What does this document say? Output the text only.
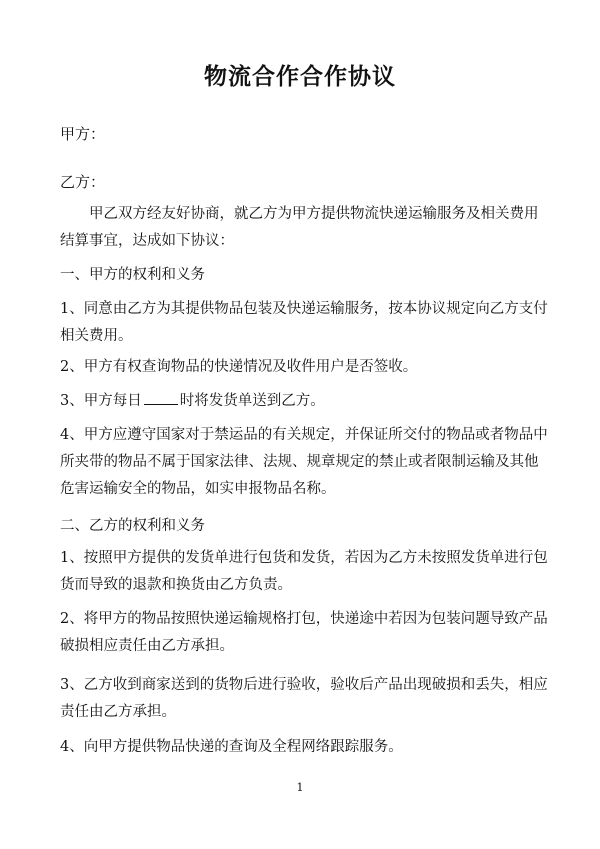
物流合作合作协议
甲方：
乙方：
甲乙双方经友好协商，就乙方为甲方提供物流快递运输服务及相关费用结算事宜，达成如下协议：
一、甲方的权利和义务
1、同意由乙方为其提供物品包装及快递运输服务，按本协议规定向乙方支付相关费用。
2、甲方有权查询物品的快递情况及收件用户是否签收。
3、甲方每日	时将发货单送到乙方。
4、甲方应遵守国家对于禁运品的有关规定，并保证所交付的物品或者物品中所夹带的物品不属于国家法律、法规、规章规定的禁止或者限制运输及其他危害运输安全的物品，如实申报物品名称。
二、乙方的权利和义务
1、按照甲方提供的发货单进行包货和发货，若因为乙方未按照发货单进行包货而导致的退款和换货由乙方负责。
2、将甲方的物品按照快递运输规格打包，快递途中若因为包装问题导致产品破损相应责任由乙方承担。
3、乙方收到商家送到的货物后进行验收，验收后产品出现破损和丢失，相应责任由乙方承担。
4、向甲方提供物品快递的查询及全程网络跟踪服务。
1
